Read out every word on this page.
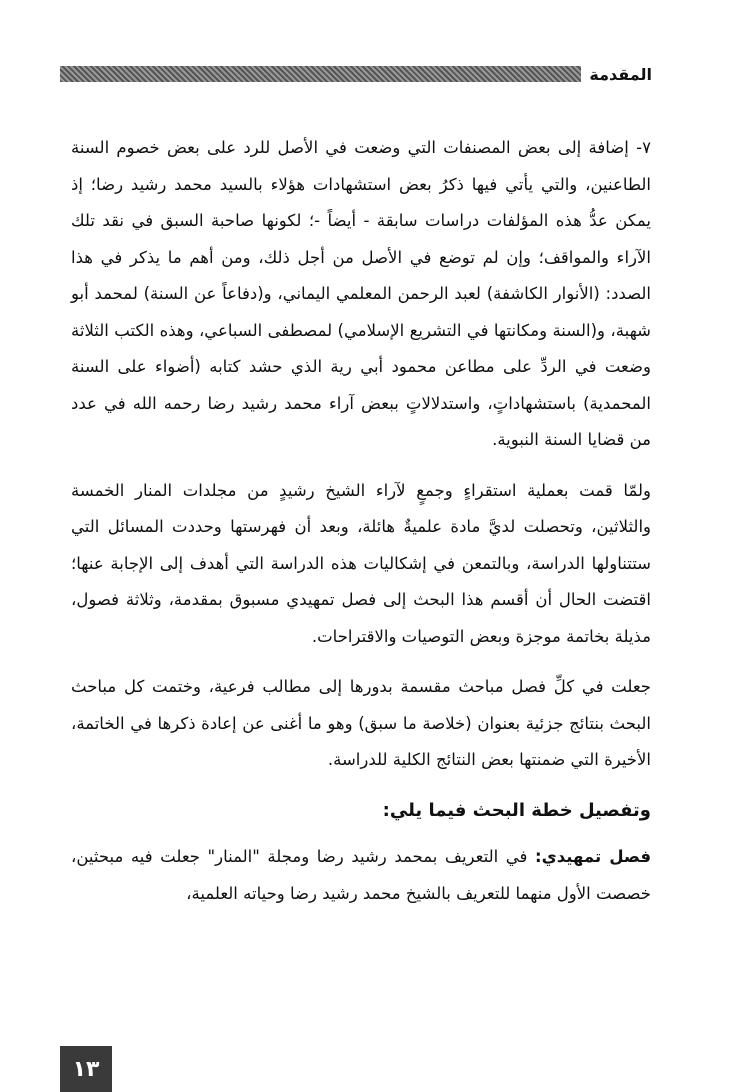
المقدمة

٧- إضافة إلى بعض المصنفات التي وضعت في الأصل للرد على بعض خصوم السنة الطاعنين، والتي يأتي فيها ذكرُ بعض استشهادات هؤلاء بالسيد محمد رشيد رضا؛ إذ يمكن عدُّ هذه المؤلفات دراسات سابقة - أيضاً -؛ لكونها صاحبة السبق في نقد تلك الآراء والمواقف؛ وإن لم توضع في الأصل من أجل ذلك، ومن أهم ما يذكر في هذا الصدد: (الأنوار الكاشفة) لعبد الرحمن المعلمي اليماني، و(دفاعاً عن السنة) لمحمد أبو شهبة، و(السنة ومكانتها في التشريع الإسلامي) لمصطفى السباعي، وهذه الكتب الثلاثة وضعت في الردِّ على مطاعن محمود أبي رية الذي حشد كتابه (أضواء على السنة المحمدية) باستشهاداتٍ، واستدلالاتٍ ببعض آراء محمد رشيد رضا رحمه الله في عدد من قضايا السنة النبوية.

ولمّا قمت بعملية استقراءٍ وجمعٍ لآراء الشيخ رشيدٍ من مجلدات المنار الخمسة والثلاثين، وتحصلت لديَّ مادة علميةٌ هائلة، وبعد أن فهرستها وحددت المسائل التي ستتناولها الدراسة، وبالتمعن في إشكاليات هذه الدراسة التي أهدف إلى الإجابة عنها؛ اقتضت الحال أن أقسم هذا البحث إلى فصل تمهيدي مسبوق بمقدمة، وثلاثة فصول، مذيلة بخاتمة موجزة وبعض التوصيات والاقتراحات.

جعلت في كلِّ فصل مباحث مقسمة بدورها إلى مطالب فرعية، وختمت كل مباحث البحث بنتائج جزئية بعنوان (خلاصة ما سبق) وهو ما أغنى عن إعادة ذكرها في الخاتمة، الأخيرة التي ضمنتها بعض النتائج الكلية للدراسة.

وتفصيل خطة البحث فيما يلي:

فصل تمهيدي: في التعريف بمحمد رشيد رضا ومجلة "المنار" جعلت فيه مبحثين، خصصت الأول منهما للتعريف بالشيخ محمد رشيد رضا وحياته العلمية،

١٣
